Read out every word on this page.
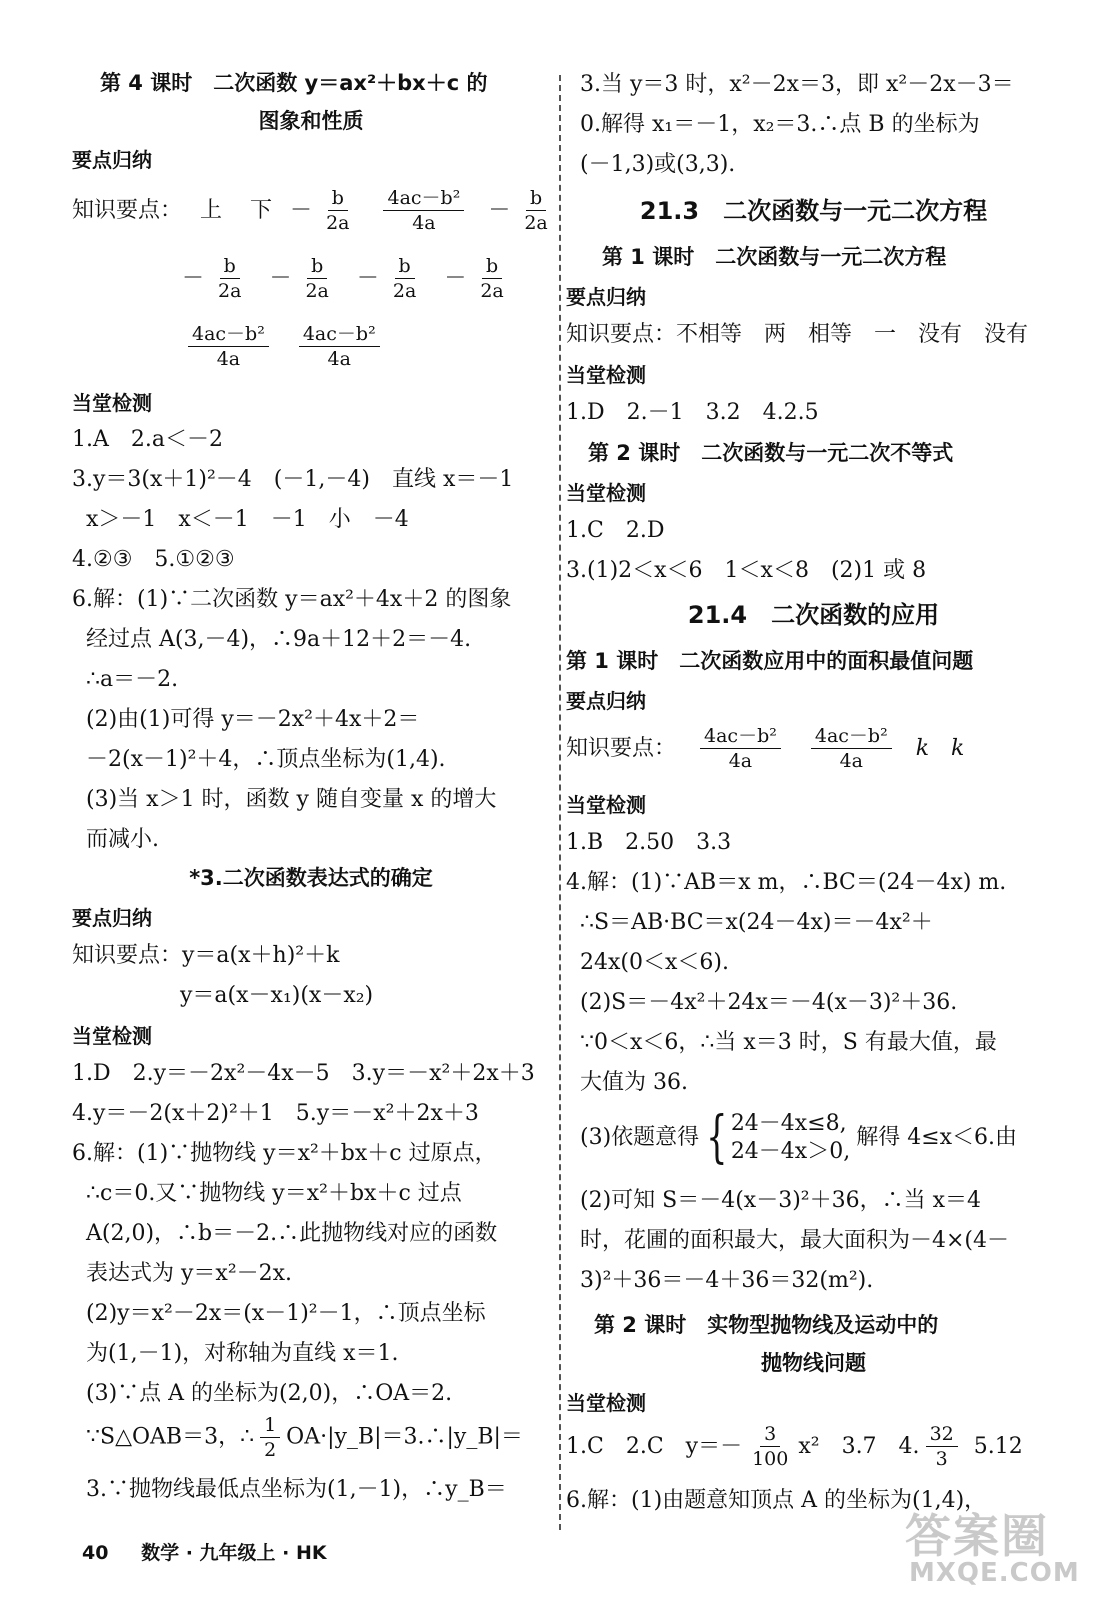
第 4 课时　二次函数 y＝ax²＋bx＋c 的
图象和性质
要点归纳
知识要点： 上 下 － $\frac{b}{2a} \frac{\text{4ac－b²}}{4a} - \frac{b}{2a}$
－ $\frac{b}{2a} - \frac{b}{2a} - \frac{b}{2a} - \frac{b}{2a}$
$\frac{\text{4ac－b²}}{4a} \frac{\text{4ac－b²}}{4a}$
当堂检测
1.A　2.a＜－2
3.y＝3(x＋1)²－4　(－1,－4)　直线 x＝－1
x＞－1　x＜－1　－1　小　－4
4.②③　5.①②③
6.解：(1)∵二次函数 y＝ax²＋4x＋2 的图象
经过点 A(3,－4)，∴9a＋12＋2＝－4.
∴a＝－2.
(2)由(1)可得 y＝－2x²＋4x＋2＝
－2(x－1)²＋4，∴顶点坐标为(1,4).
(3)当 x＞1 时，函数 y 随自变量 x 的增大
而减小.
*3.二次函数表达式的确定
要点归纳
知识要点：y＝a(x＋h)²＋k
y＝a(x－x₁)(x－x₂)
当堂检测
1.D　2.y＝－2x²－4x－5　3.y＝－x²＋2x＋3
4.y＝－2(x＋2)²＋1　5.y＝－x²＋2x＋3
6.解：(1)∵抛物线 y＝x²＋bx＋c 过原点，
∴c＝0.又∵抛物线 y＝x²＋bx＋c 过点
A(2,0)，∴b＝－2.∴此抛物线对应的函数
表达式为 y＝x²－2x.
(2)y＝x²－2x＝(x－1)²－1，∴顶点坐标
为(1,－1)，对称轴为直线 x＝1.
(3)∵点 A 的坐标为(2,0)，∴OA＝2.
∵S△OAB＝3，∴ $\frac{1}{2}$ OA·|y_B|＝3.∴|y_B|＝
3.∵抛物线最低点坐标为(1,－1)，∴y_B＝
3.当 y＝3 时，x²－2x＝3，即 x²－2x－3＝
0.解得 x₁＝－1，x₂＝3.∴点 B 的坐标为
(－1,3)或(3,3).
21.3　二次函数与一元二次方程
第 1 课时　二次函数与一元二次方程
要点归纳
知识要点：不相等　两　相等　一　没有　没有
当堂检测
1.D　2.－1　3.2　4.2.5
第 2 课时　二次函数与一元二次不等式
当堂检测
1.C　2.D
3.(1)2＜x＜6　1＜x＜8　(2)1 或 8
21.4　二次函数的应用
第 1 课时　二次函数应用中的面积最值问题
要点归纳
知识要点： $\frac{\text{4ac－b²}}{4a} \frac{\text{4ac－b²}}{4a}$ k　k
当堂检测
1.B　2.50　3.3
4.解：(1)∵AB＝x m，∴BC＝(24－4x) m.
∴S＝AB·BC＝x(24－4x)＝－4x²＋
24x(0＜x＜6).
(2)S＝－4x²＋24x＝－4(x－3)²＋36.
∵0＜x＜6，∴当 x＝3 时，S 有最大值，最
大值为 36.
(3)依题意得 { 24－4x≤8,
24－4x＞0,
解得 4≤x＜6.由
(2)可知 S＝－4(x－3)²＋36，∴当 x＝4
时，花圃的面积最大，最大面积为－4×(4－
3)²＋36＝－4＋36＝32(m²).
第 2 课时　实物型抛物线及运动中的
抛物线问题
当堂检测
1.C　2.C　$y=- \frac{3}{100} x^2$　3.7　4. $\frac{32}{3} 5.12$
6.解：(1)由题意知顶点 A 的坐标为(1,4)，
40 数学 · 九年级上 · HK	答案圈
MXQE.COM
